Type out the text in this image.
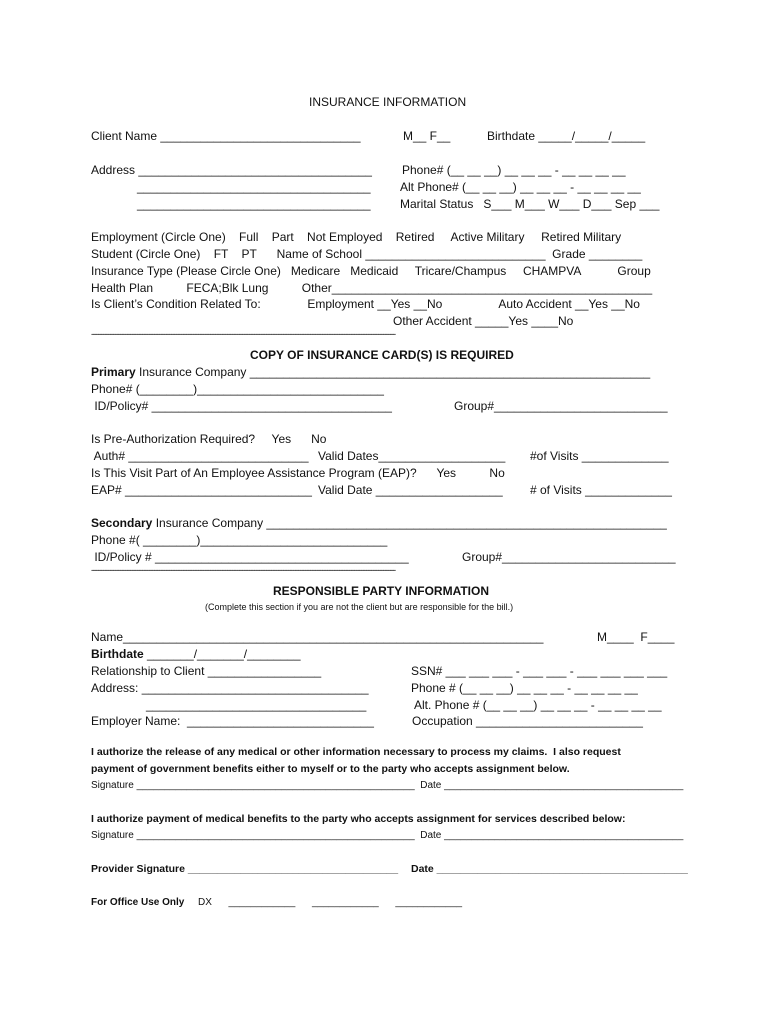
INSURANCE INFORMATION
Client Name ______________________________	M__ F__	Birthdate _____/_____/_____
Address ___________________________________	Phone# (__ __ __) __ __ __ - __ __ __ __
___________________________________ Alt Phone# (__ __ __) __ __ __ - __ __ __ __
___________________________________ Marital Status   S___ M___ W___ D___ Sep ___
Employment (Circle One)    Full    Part    Not Employed    Retired     Active Military     Retired Military
Student (Circle One)    FT    PT      Name of School ___________________________  Grade ________
Insurance Type (Please Circle One)   Medicare   Medicaid     Tricare/Champus     CHAMPVA           Group
Health Plan          FECA;Blk Lung          Other________________________________________________
Is Client’s Condition Related To:              Employment __Yes __No                 Auto Accident __Yes __No
Other Accident _____Yes ____No
-----------------------------------------------------------------------------------------------------------------------------------------------------------------------------------
COPY OF INSURANCE CARD(S) IS REQUIRED
Primary Insurance Company ____________________________________________________________
Phone# (________)____________________________
ID/Policy# ____________________________________	Group#__________________________
Is Pre-Authorization Required?     Yes      No
Auth# ___________________________ Valid Dates___________________ #of Visits _____________
Is This Visit Part of An Employee Assistance Program (EAP)?      Yes          No
EAP# ____________________________ Valid Date ___________________ # of Visits _____________
Secondary Insurance Company ____________________________________________________________
Phone #( ________)____________________________
ID/Policy # ______________________________________	Group#__________________________
-----------------------------------------------------------------------------------------------------------------------------------------------------------------------------------
RESPONSIBLE PARTY INFORMATION
(Complete this section if you are not the client but are responsible for the bill.)
Name_______________________________________________________________	M____  F____
Birthdate _______/_______/________
Relationship to Client _________________	SSN# ___ ___ ___ - ___ ___ - ___ ___ ___ ___
Address: __________________________________	Phone # (__ __ __) __ __ __ - __ __ __ __
_________________________________	Alt. Phone # (__ __ __) __ __ __ - __ __ __ __
Employer Name:  ____________________________	Occupation _________________________
I authorize the release of any medical or other information necessary to process my claims.  I also request
payment of government benefits either to myself or to the party who accepts assignment below.
Signature __________________________________________________  Date ___________________________________________
I authorize payment of medical benefits to the party who accepts assignment for services described below:
Signature __________________________________________________  Date ___________________________________________
Provider Signature ____________________________________ Date ___________________________________________
For Office Use Only DX      ____________      ____________      ____________
